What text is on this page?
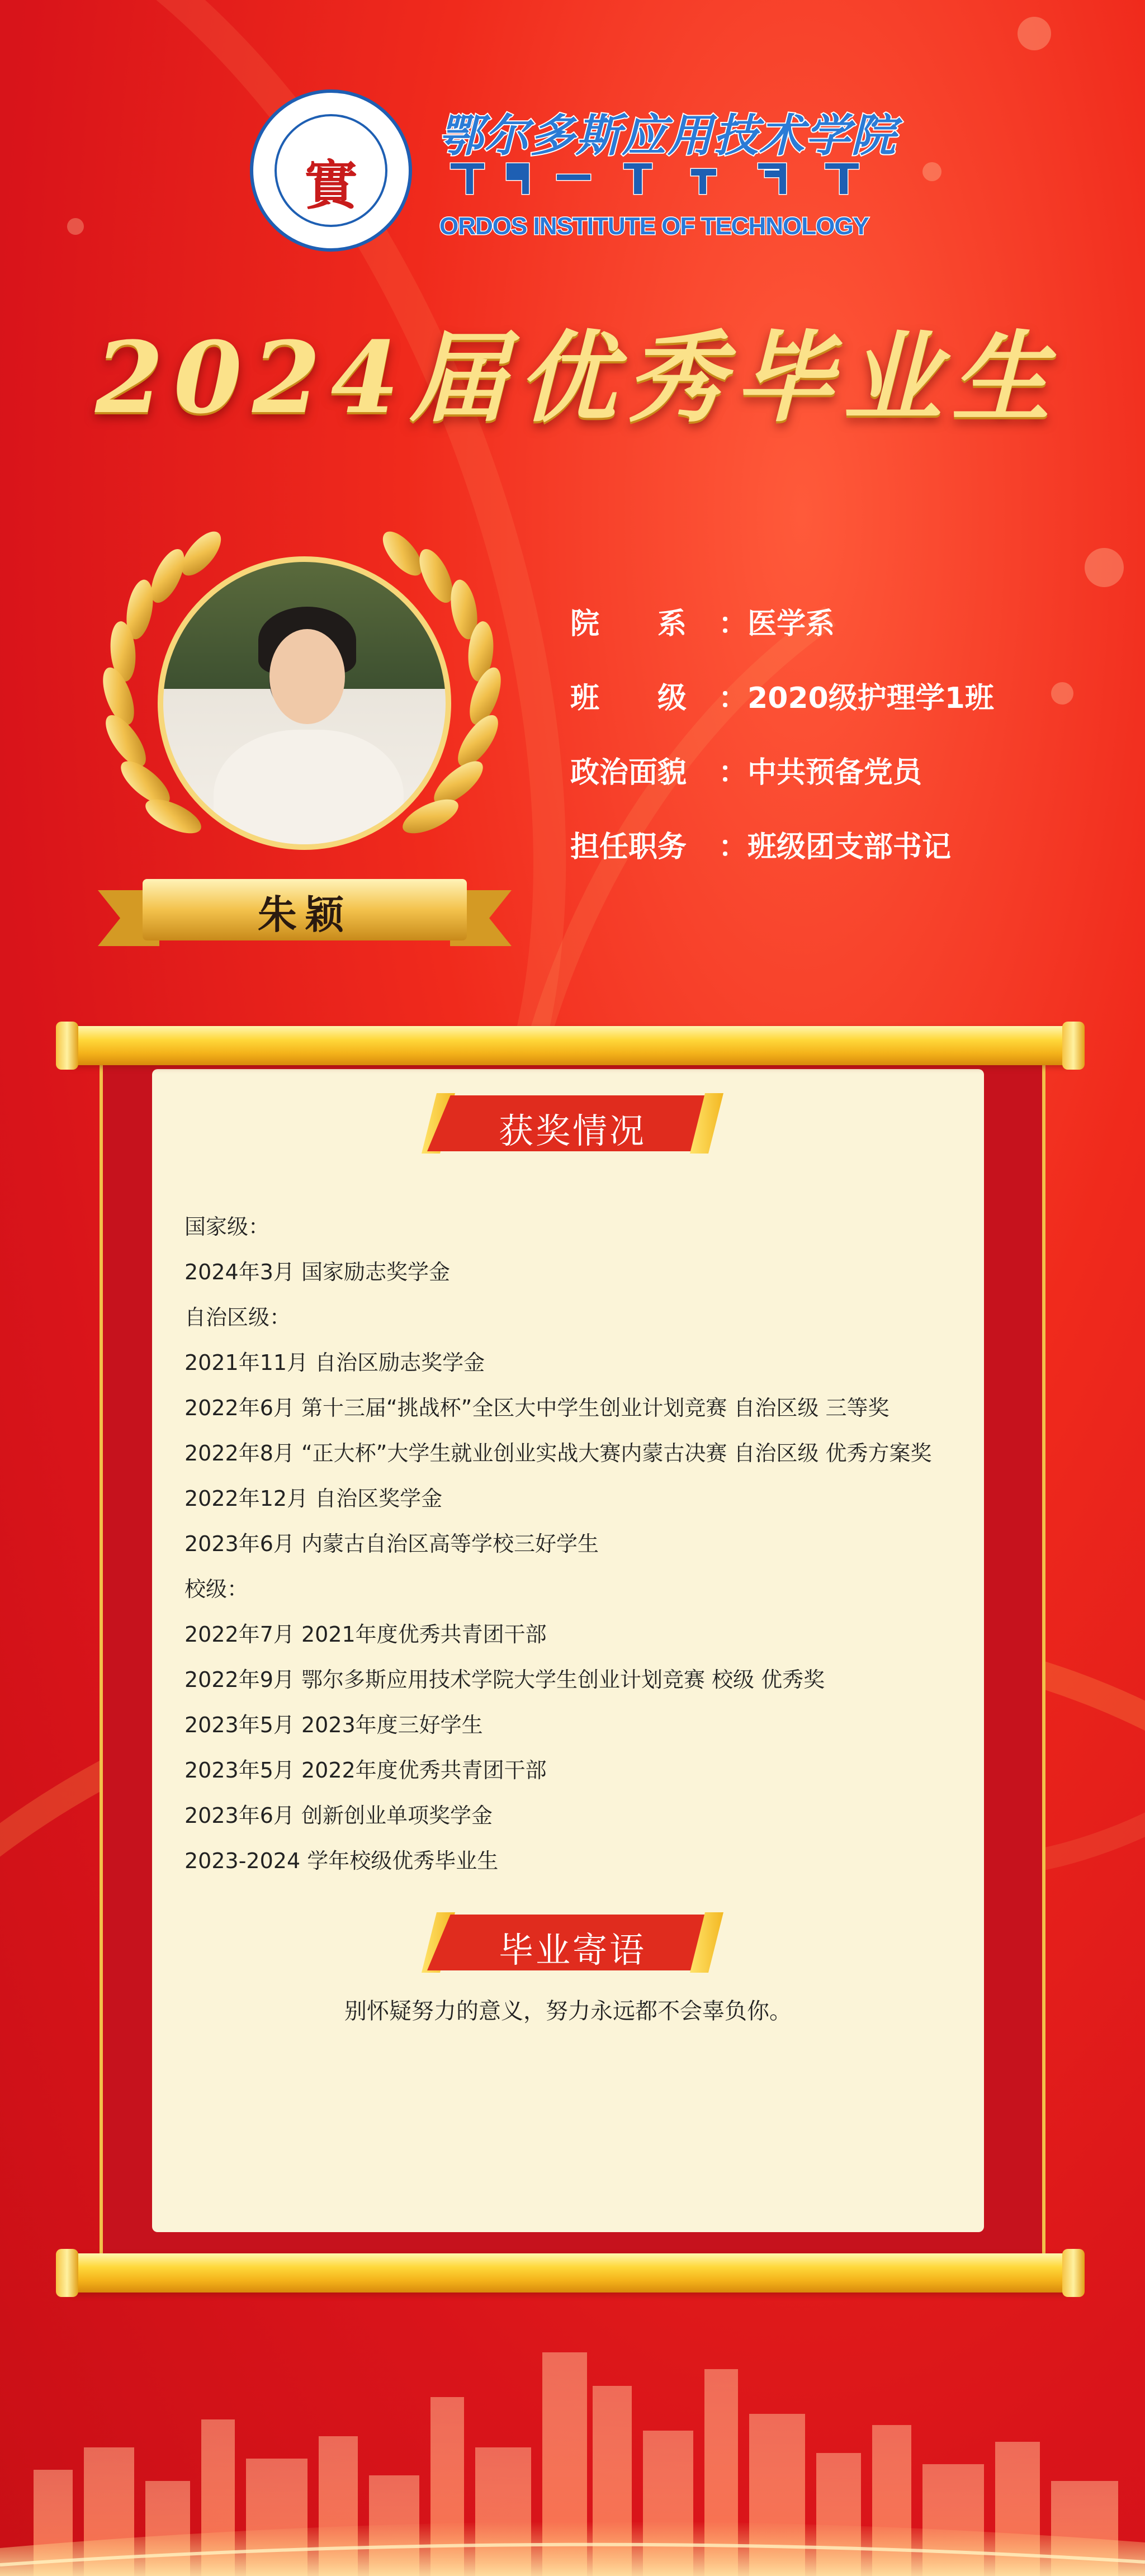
實
鄂尔多斯应用技术学院
ORDOS INSTITUTE OF TECHNOLOGY
2024届优秀毕业生
朱颖
院　　系 ：医学系
班　　级 ：2020级护理学1班
政治面貌 ：中共预备党员
担任职务 ：班级团支部书记
获奖情况
国家级：
2024年3月 国家励志奖学金
自治区级：
2021年11月 自治区励志奖学金
2022年6月 第十三届“挑战杯”全区大中学生创业计划竞赛 自治区级 三等奖
2022年8月 “正大杯”大学生就业创业实战大赛内蒙古决赛 自治区级 优秀方案奖
2022年12月 自治区奖学金
2023年6月 内蒙古自治区高等学校三好学生
校级：
2022年7月 2021年度优秀共青团干部
2022年9月 鄂尔多斯应用技术学院大学生创业计划竞赛 校级 优秀奖
2023年5月 2023年度三好学生
2023年5月 2022年度优秀共青团干部
2023年6月 创新创业单项奖学金
2023-2024 学年校级优秀毕业生
毕业寄语
别怀疑努力的意义，努力永远都不会辜负你。
